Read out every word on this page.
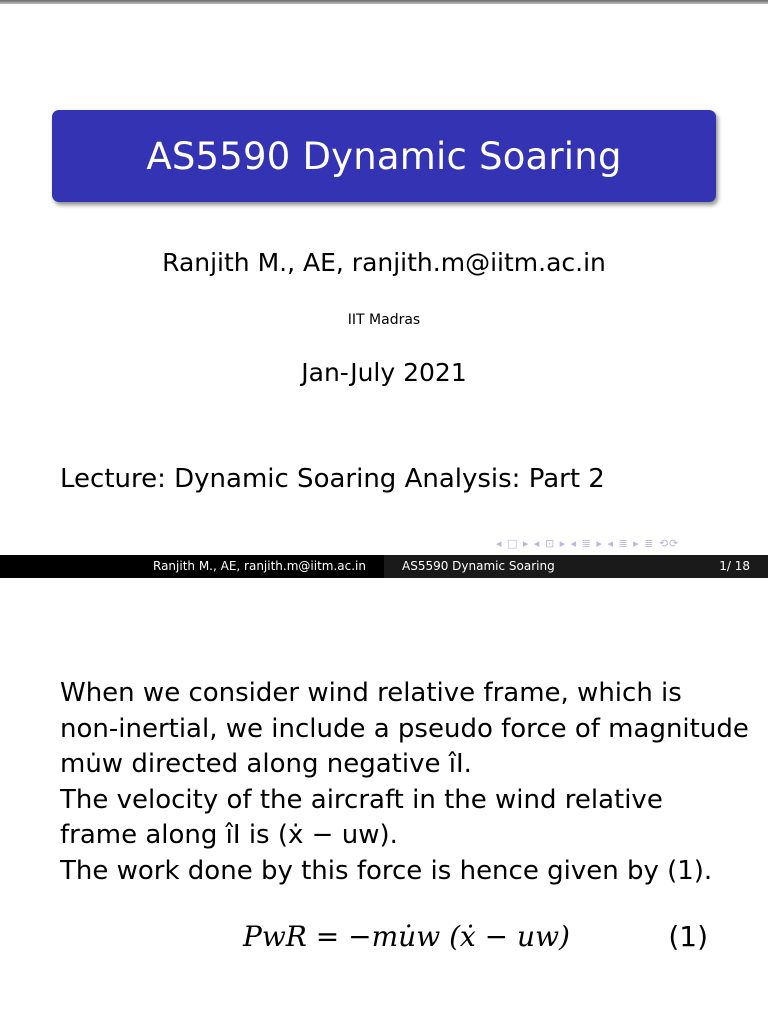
AS5590 Dynamic Soaring
Ranjith M., AE, ranjith.m@iitm.ac.in
IIT Madras
Jan-July 2021
Lecture: Dynamic Soaring Analysis: Part 2
◂ □ ▸ ◂ ⊡ ▸ ◂ ≣ ▸ ◂ ≣ ▸ ≣ ⟲⟳
Ranjith M., AE, ranjith.m@iitm.ac.in	AS5590 Dynamic Soaring	1/ 18
When we consider wind relative frame, which is
non-inertial, we include a pseudo force of magnitude
mu̇w directed along negative îI.
The velocity of the aircraft in the wind relative
frame along îI is (ẋ − uw).
The work done by this force is hence given by (1).
PwR = −mu̇w (ẋ − uw)	(1)
